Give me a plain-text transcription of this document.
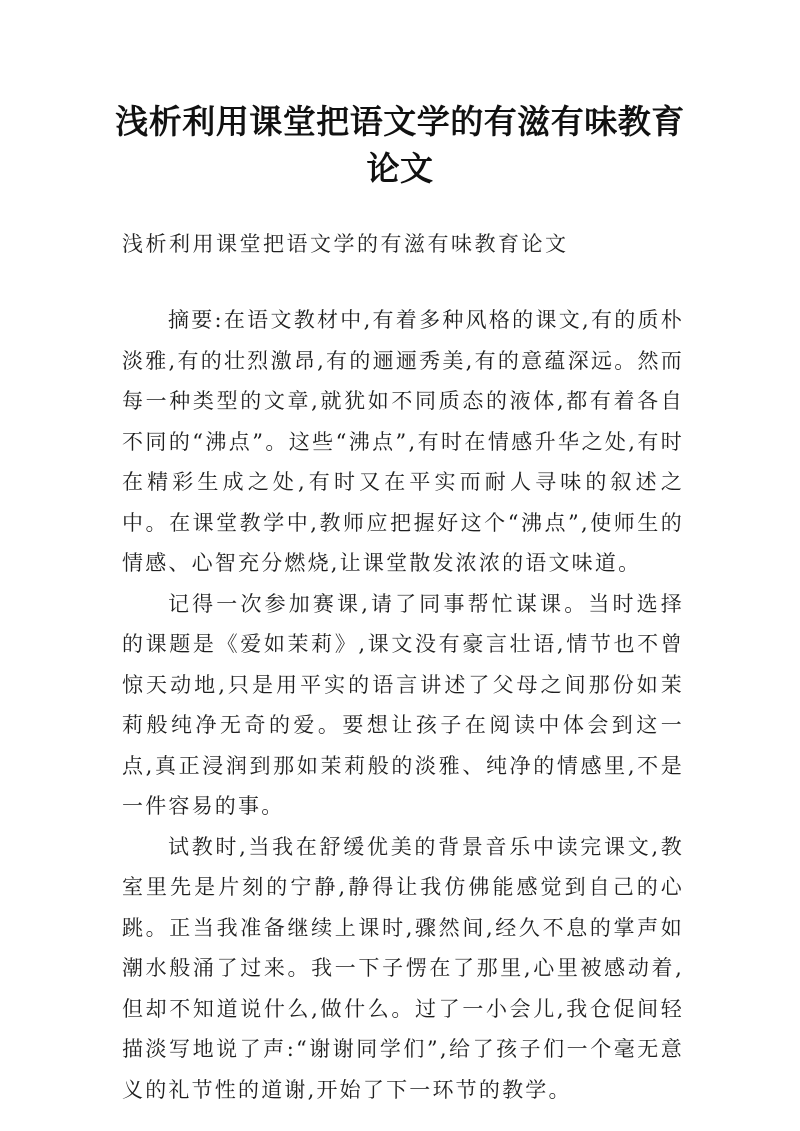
浅析利用课堂把语文学的有滋有味教育论文
浅析利用课堂把语文学的有滋有味教育论文

摘要:在语文教材中,有着多种风格的课文,有的质朴淡雅,有的壮烈激昂,有的逦逦秀美,有的意蕴深远。然而每一种类型的文章,就犹如不同质态的液体,都有着各自不同的“沸点”。这些“沸点”,有时在情感升华之处,有时在精彩生成之处,有时又在平实而耐人寻味的叙述之中。在课堂教学中,教师应把握好这个“沸点”,使师生的情感、心智充分燃烧,让课堂散发浓浓的语文味道。

记得一次参加赛课,请了同事帮忙谋课。当时选择的课题是《爱如茉莉》,课文没有豪言壮语,情节也不曾惊天动地,只是用平实的语言讲述了父母之间那份如茉莉般纯净无奇的爱。要想让孩子在阅读中体会到这一点,真正浸润到那如茉莉般的淡雅、纯净的情感里,不是一件容易的事。

试教时,当我在舒缓优美的背景音乐中读完课文,教室里先是片刻的宁静,静得让我仿佛能感觉到自己的心跳。正当我准备继续上课时,骤然间,经久不息的掌声如潮水般涌了过来。我一下子愣在了那里,心里被感动着,但却不知道说什么,做什么。过了一小会儿,我仓促间轻描淡写地说了声:“谢谢同学们”,给了孩子们一个毫无意义的礼节性的道谢,开始了下一环节的教学。
